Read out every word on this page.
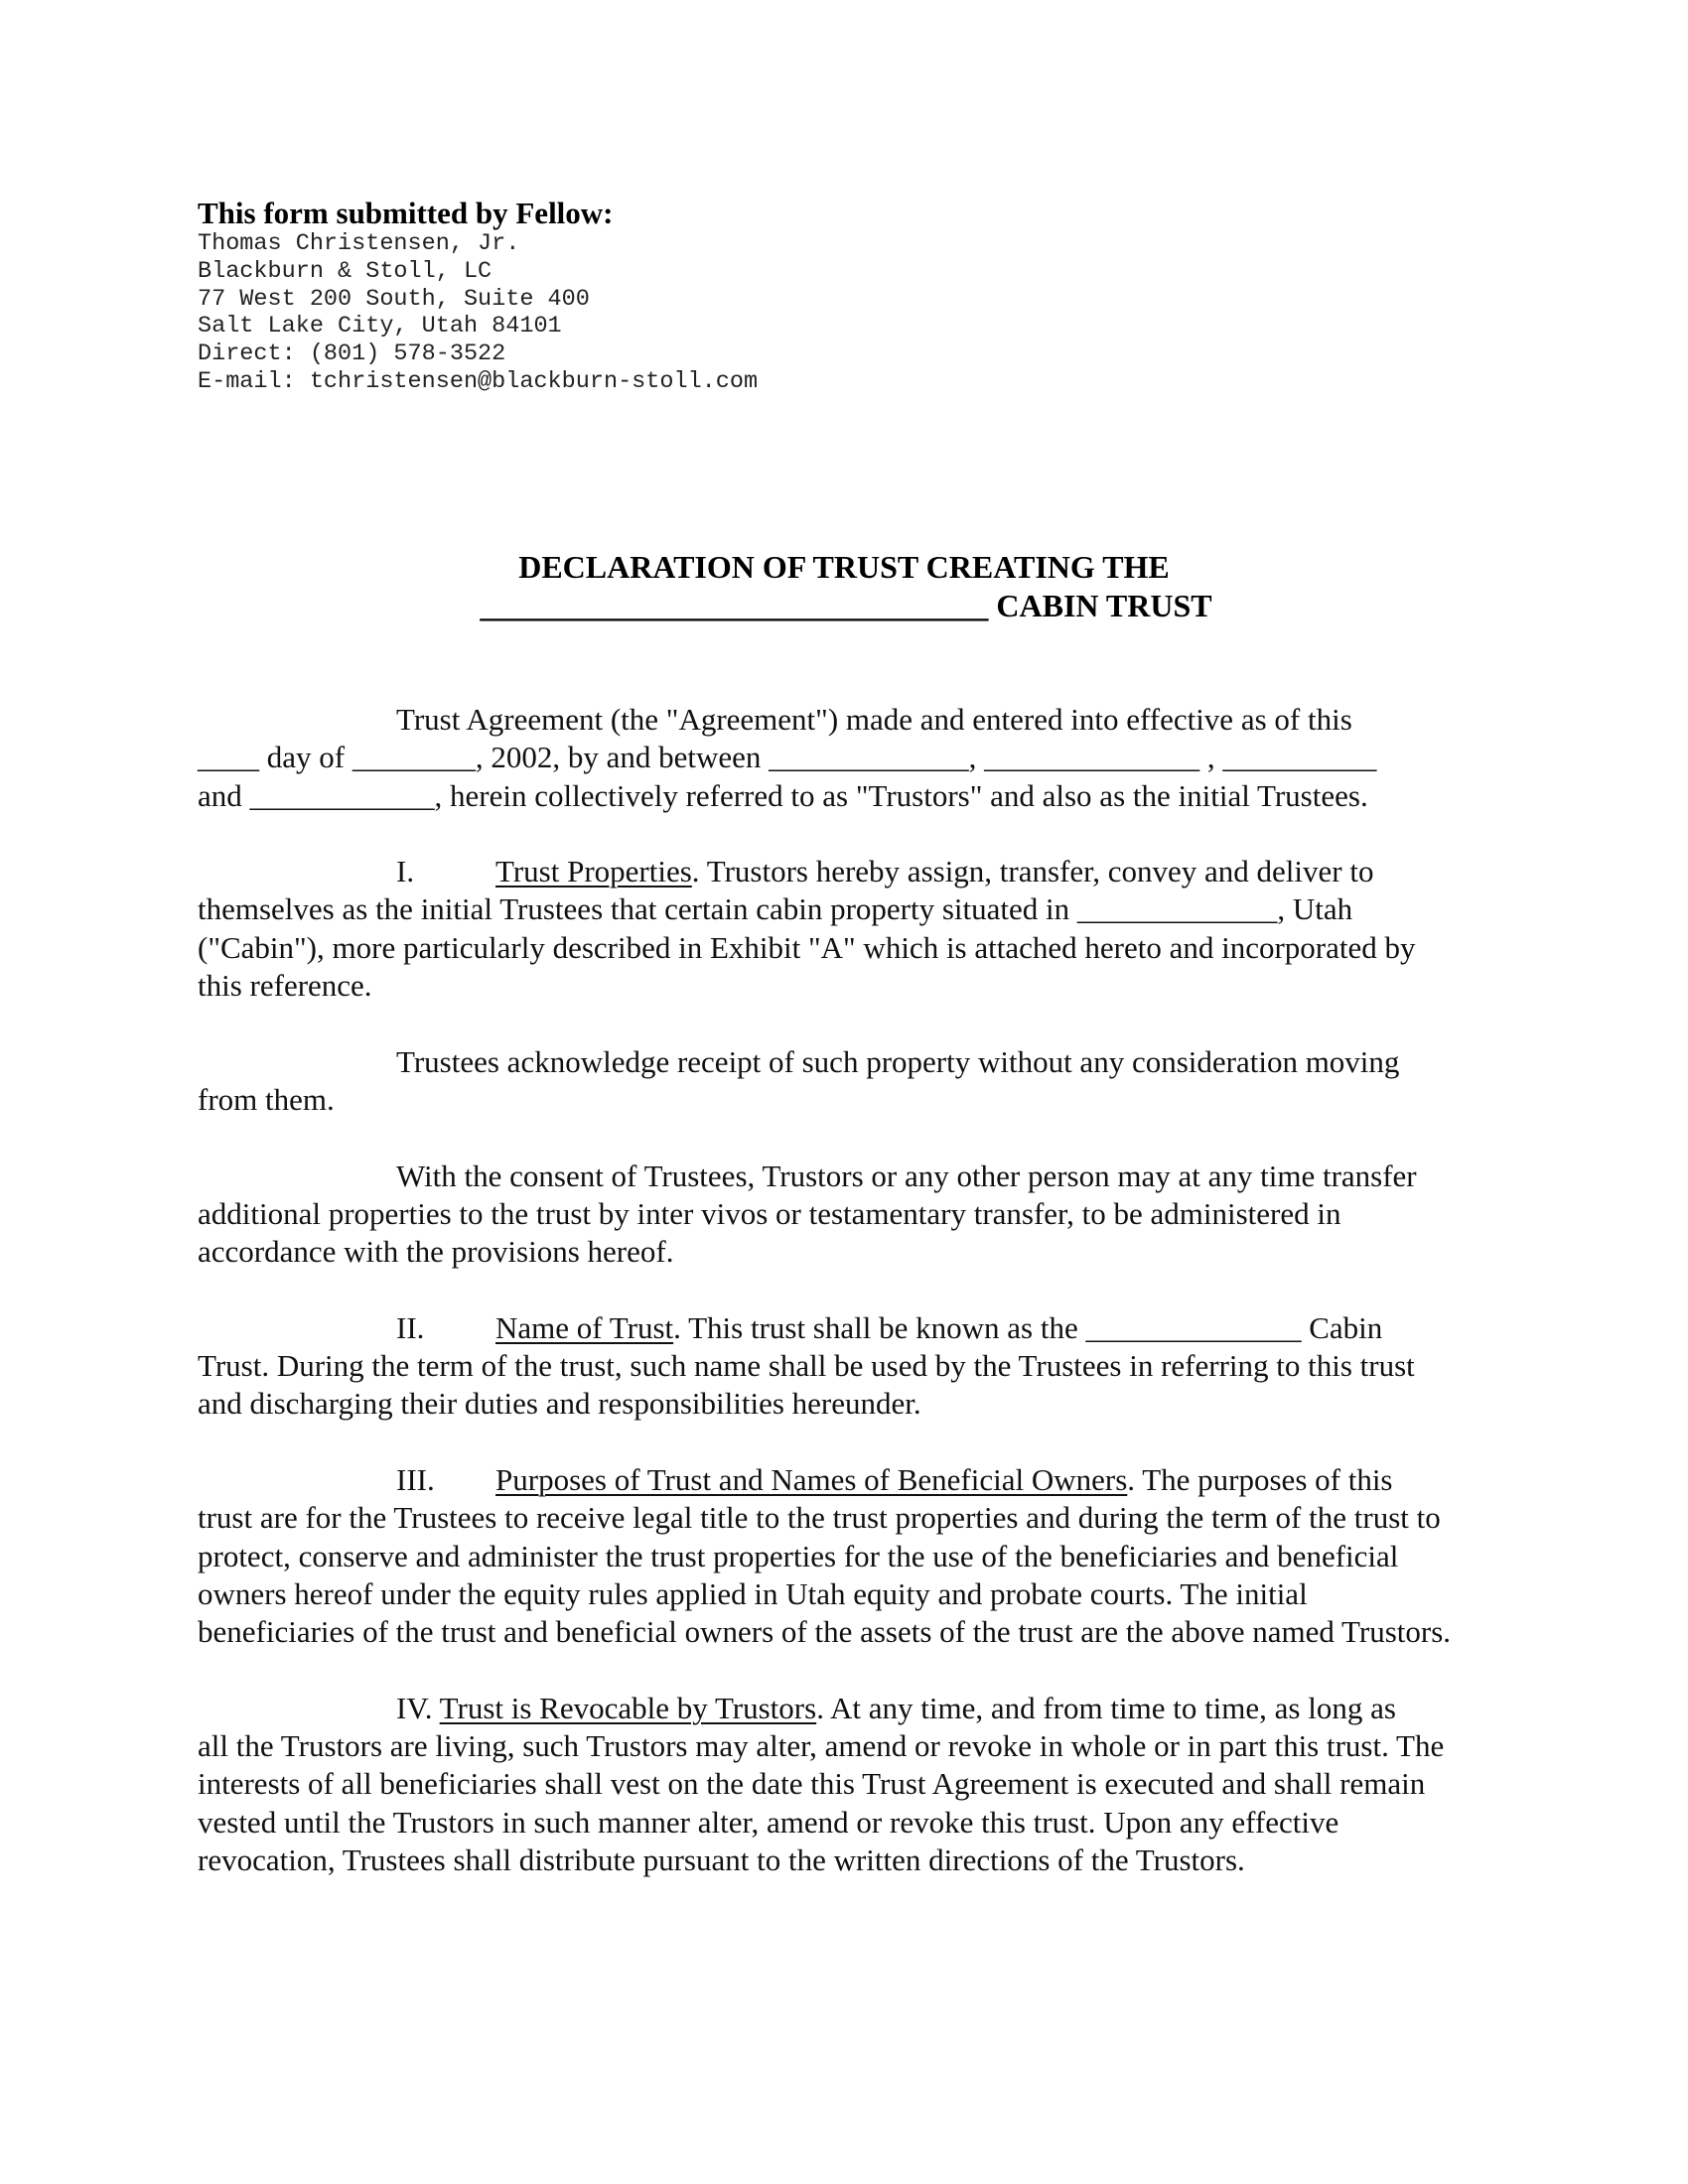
This form submitted by Fellow:

Thomas Christensen, Jr.

Blackburn & Stoll, LC

77 West 200 South, Suite 400

Salt Lake City, Utah 84101

Direct: (801) 578-3522

E-mail: tchristensen@blackburn-stoll.com

DECLARATION OF TRUST CREATING THE
________________________________ CABIN TRUST
Trust Agreement (the "Agreement") made and entered into effective as of this
____ day of ________, 2002, by and between _____________, ______________ , __________
and ____________, herein collectively referred to as "Trustors" and also as the initial Trustees.
I.	Trust Properties. Trustors hereby assign, transfer, convey and deliver to
themselves as the initial Trustees that certain cabin property situated in _____________, Utah ("Cabin"), more particularly described in Exhibit "A" which is attached hereto and incorporated by this reference.
Trustees acknowledge receipt of such property without any consideration moving from them.
With the consent of Trustees, Trustors or any other person may at any time transfer additional properties to the trust by inter vivos or testamentary transfer, to be administered in accordance with the provisions hereof.
II. Name of Trust. This trust shall be known as the ______________ Cabin
Trust. During the term of the trust, such name shall be used by the Trustees in referring to this trust and discharging their duties and responsibilities hereunder.
III. Purposes of Trust and Names of Beneficial Owners. The purposes of this
trust are for the Trustees to receive legal title to the trust properties and during the term of the trust to protect, conserve and administer the trust properties for the use of the beneficiaries and beneficial owners hereof under the equity rules applied in Utah equity and probate courts. The initial beneficiaries of the trust and beneficial owners of the assets of the trust are the above named Trustors.
IV. Trust is Revocable by Trustors. At any time, and from time to time, as long as
all the Trustors are living, such Trustors may alter, amend or revoke in whole or in part this trust. The interests of all beneficiaries shall vest on the date this Trust Agreement is executed and shall remain vested until the Trustors in such manner alter, amend or revoke this trust. Upon any effective revocation, Trustees shall distribute pursuant to the written directions of the Trustors.
